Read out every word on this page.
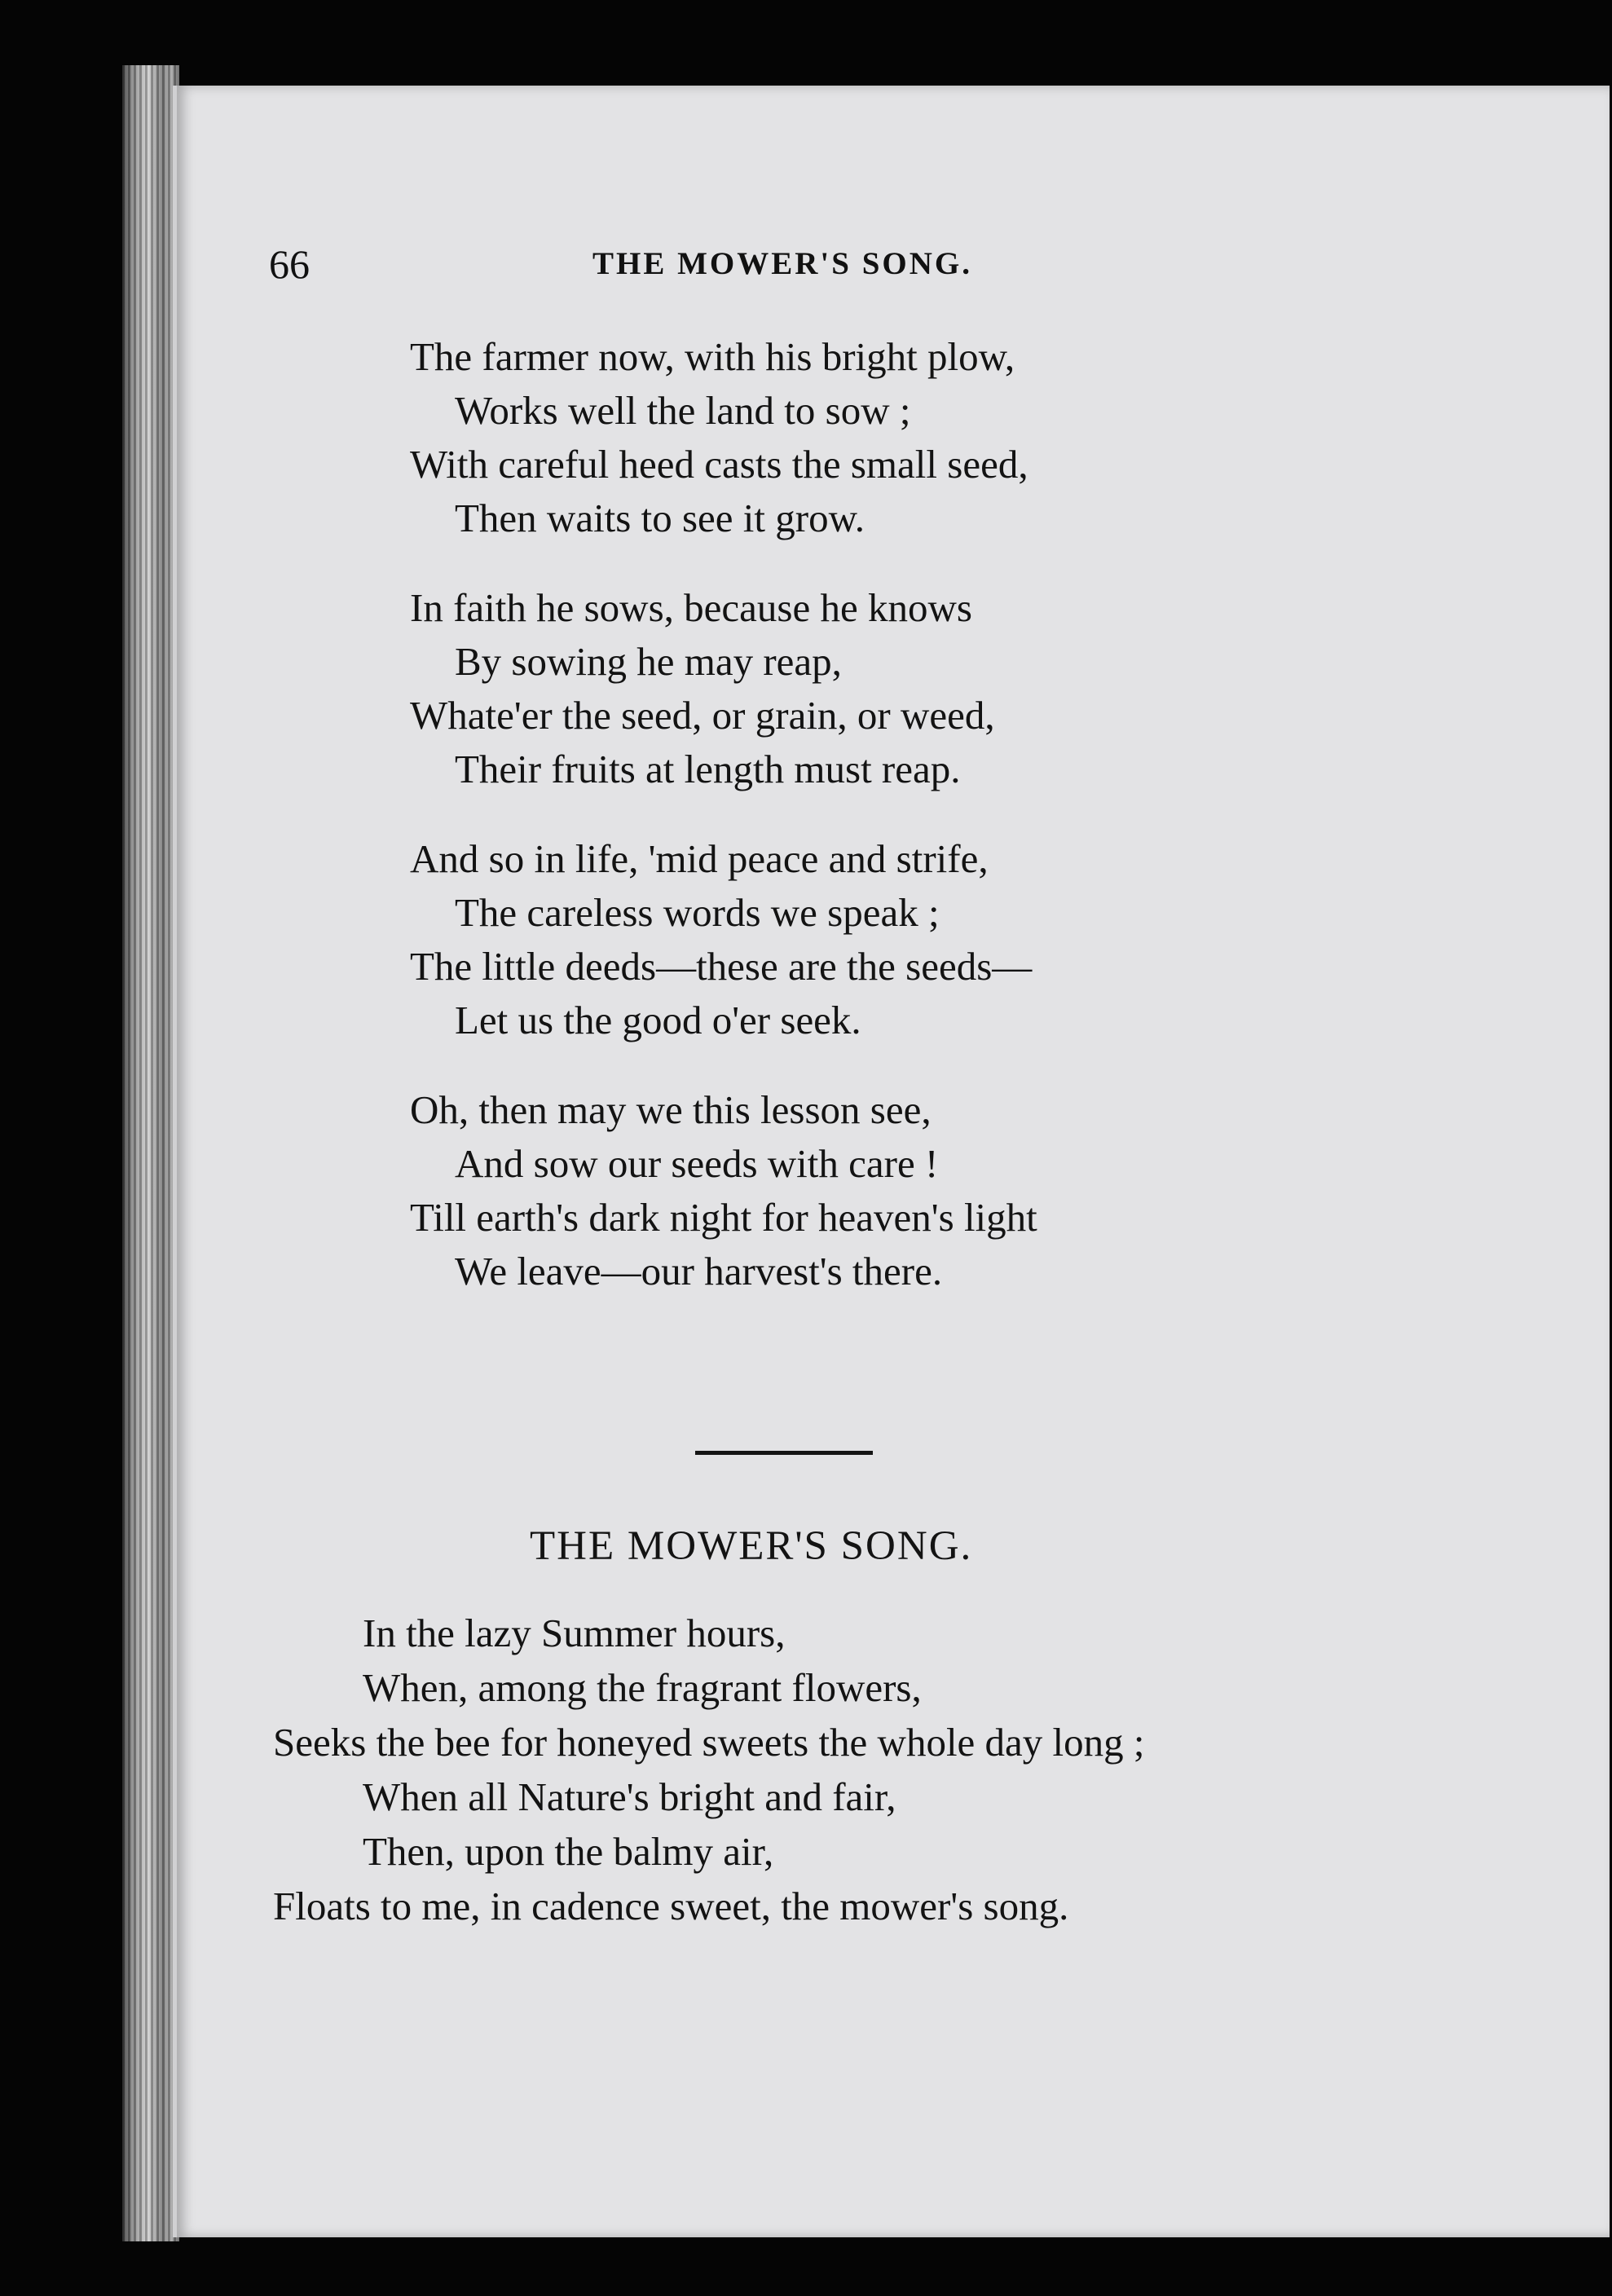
66	THE MOWER'S SONG.
The farmer now, with his bright plow,
Works well the land to sow ;
With careful heed casts the small seed,
Then waits to see it grow.
In faith he sows, because he knows
By sowing he may reap,
Whate'er the seed, or grain, or weed,
Their fruits at length must reap.
And so in life, 'mid peace and strife,
The careless words we speak ;
The little deeds—these are the seeds—
Let us the good o'er seek.
Oh, then may we this lesson see,
And sow our seeds with care !
Till earth's dark night for heaven's light
We leave—our harvest's there.
THE MOWER'S SONG.
In the lazy Summer hours,
When, among the fragrant flowers,
Seeks the bee for honeyed sweets the whole day long ;
When all Nature's bright and fair,
Then, upon the balmy air,
Floats to me, in cadence sweet, the mower's song.
